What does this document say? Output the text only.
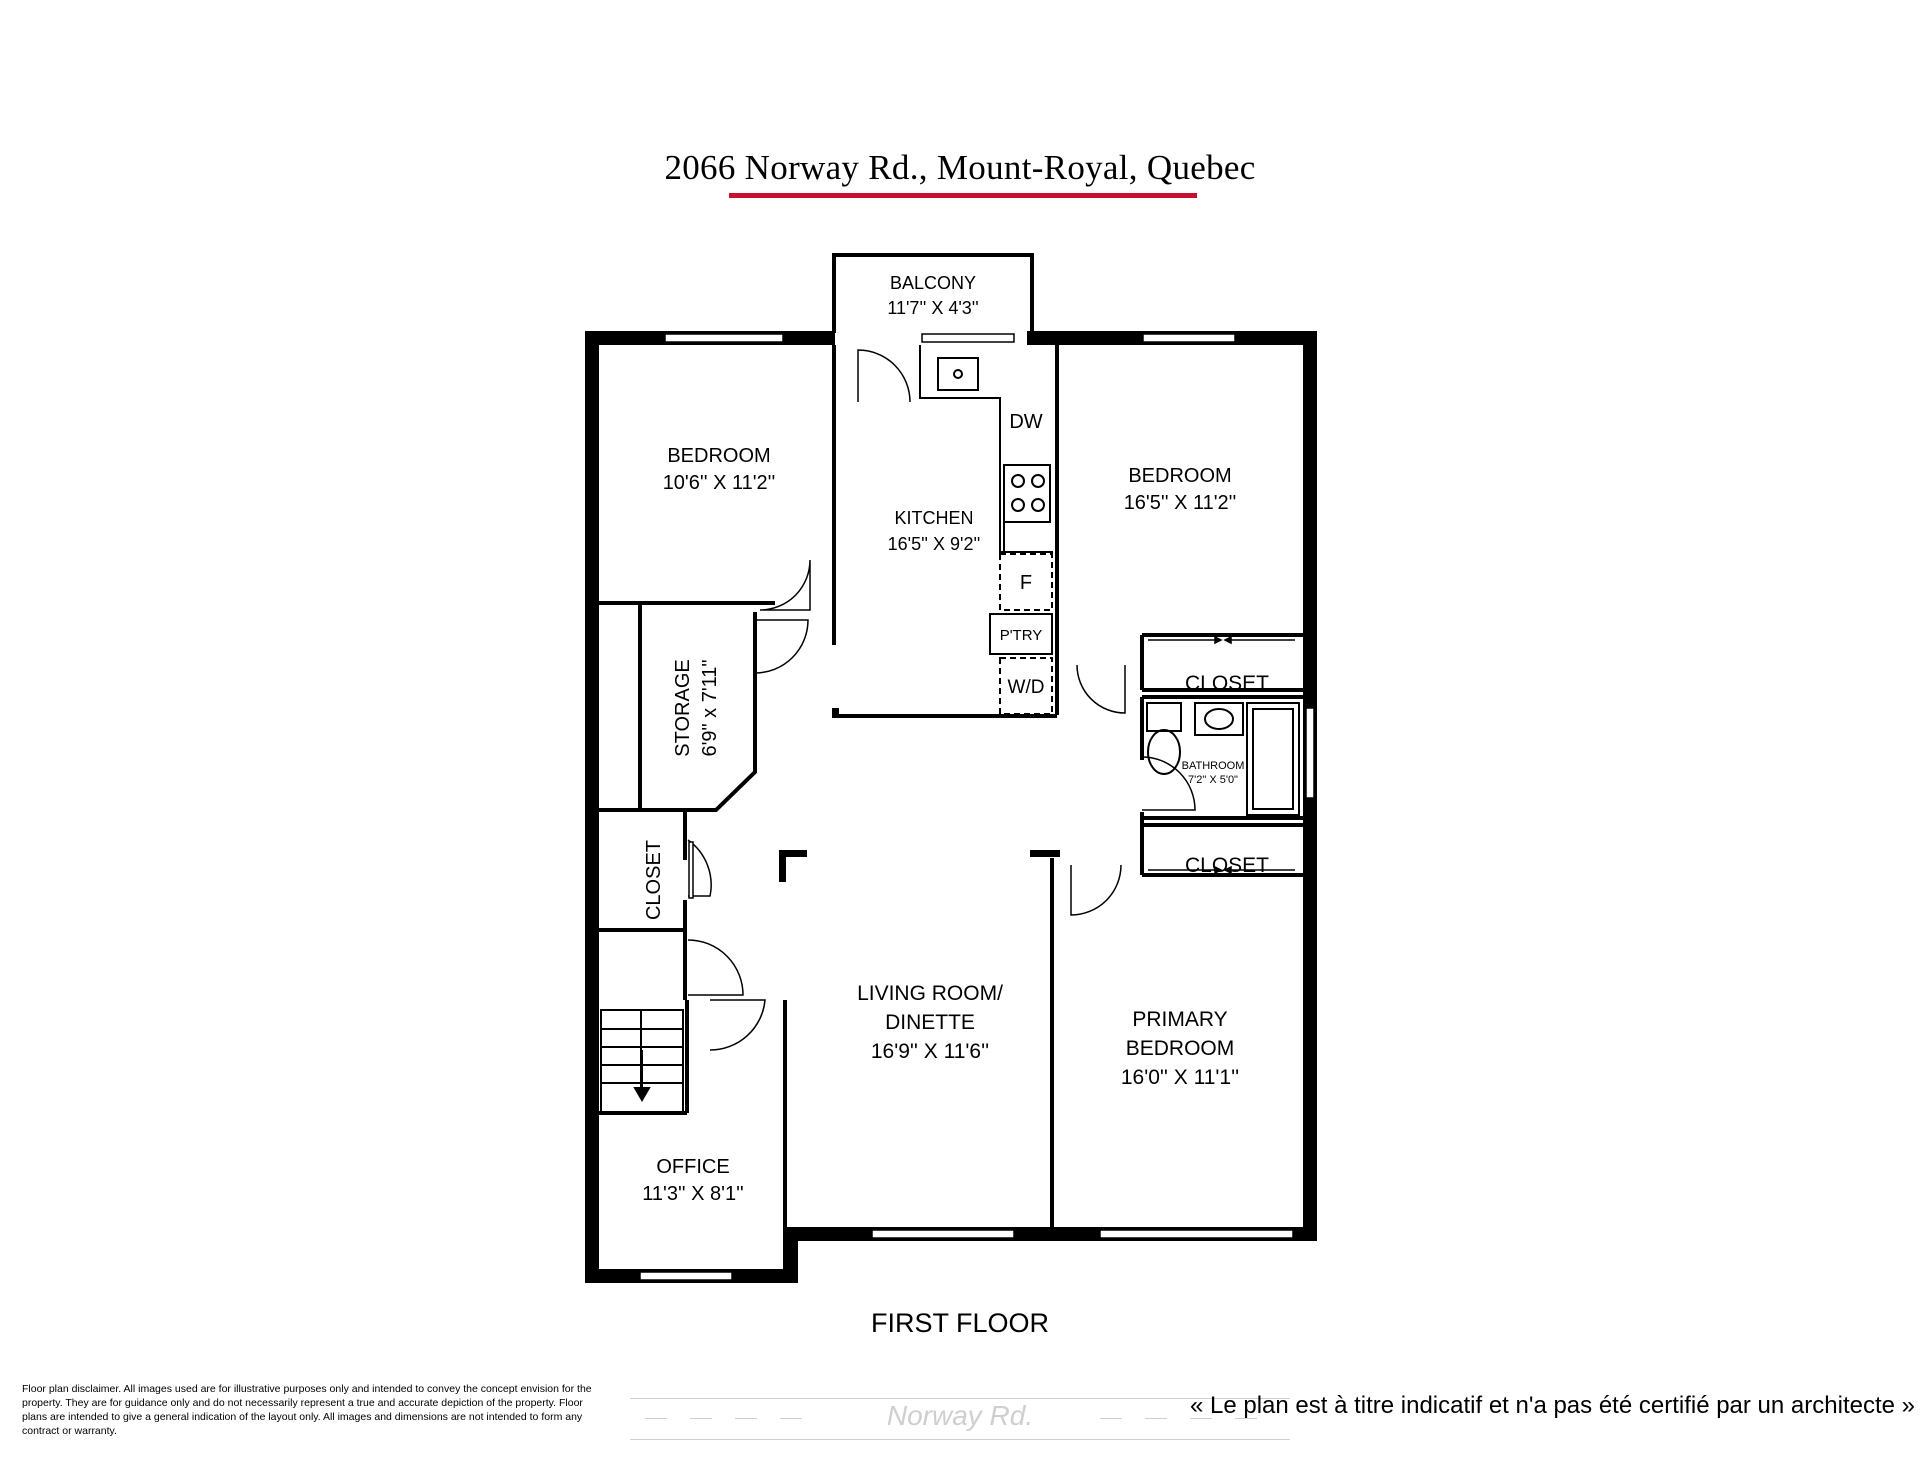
2066 Norway Rd., Mount-Royal, Quebec
BALCONY
11'7'' X 4'3''
BEDROOM
10'6'' X 11'2''
KITCHEN
16'5'' X 9'2''
BEDROOM
16'5'' X 11'2''
STORAGE 6'9" x 7'11"	CLOSET
BATHROOM
7'2" X 5'0"
CLOSET
CLOSET
LIVING ROOM/
DINETTE
16'9'' X 11'6''
PRIMARY
BEDROOM
16'0'' X 11'1''
OFFICE
11'3'' X 8'1''
DW
F
P'TRY
W/D
FIRST FLOOR
Norway Rd.	« Le plan est à titre indicatif et n'a pas été certifié par un architecte »
Floor plan disclaimer. All images used are for illustrative purposes only and intended to convey the concept envision for the property. They are for guidance only and do not necessarily represent a true and accurate depiction of the property. Floor plans are intended to give a general indication of the layout only. All images and dimensions are not intended to form any contract or warranty.
